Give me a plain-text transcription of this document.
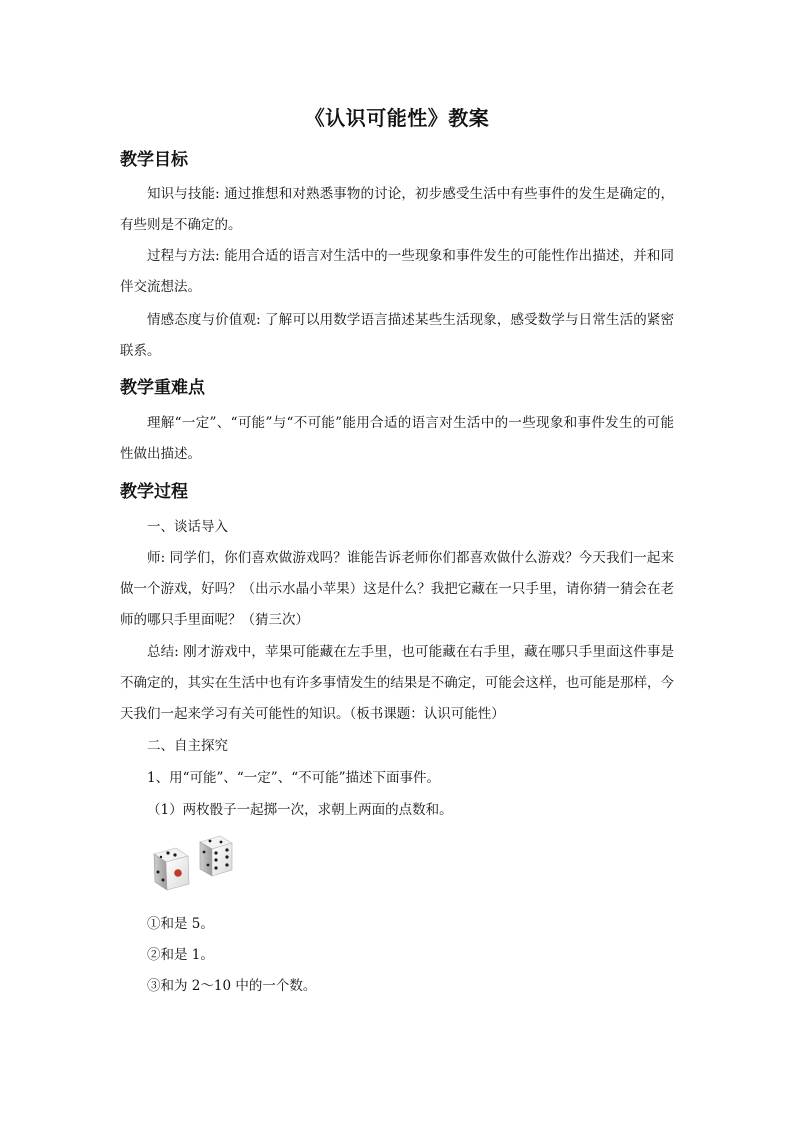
《认识可能性》教案
教学目标

知识与技能: 通过推想和对熟悉事物的讨论，初步感受生活中有些事件的发生是确定的，有些则是不确定的。

过程与方法: 能用合适的语言对生活中的一些现象和事件发生的可能性作出描述，并和同伴交流想法。

情感态度与价值观: 了解可以用数学语言描述某些生活现象，感受数学与日常生活的紧密联系。

教学重难点

理解“一定”、“可能”与“不可能”能用合适的语言对生活中的一些现象和事件发生的可能性做出描述。

教学过程
一、谈话导入

师: 同学们，你们喜欢做游戏吗？谁能告诉老师你们都喜欢做什么游戏？今天我们一起来做一个游戏，好吗？（出示水晶小苹果）这是什么？我把它藏在一只手里，请你猜一猜会在老师的哪只手里面呢？（猜三次）

总结: 刚才游戏中，苹果可能藏在左手里，也可能藏在右手里，藏在哪只手里面这件事是不确定的，其实在生活中也有许多事情发生的结果是不确定，可能会这样，也可能是那样，今天我们一起来学习有关可能性的知识。（板书课题：认识可能性）

二、自主探究
1、用“可能”、“一定”、“不可能”描述下面事件。
（1）两枚骰子一起掷一次，求朝上两面的点数和。
①和是 5。
②和是 1。
③和为 2～10 中的一个数。
